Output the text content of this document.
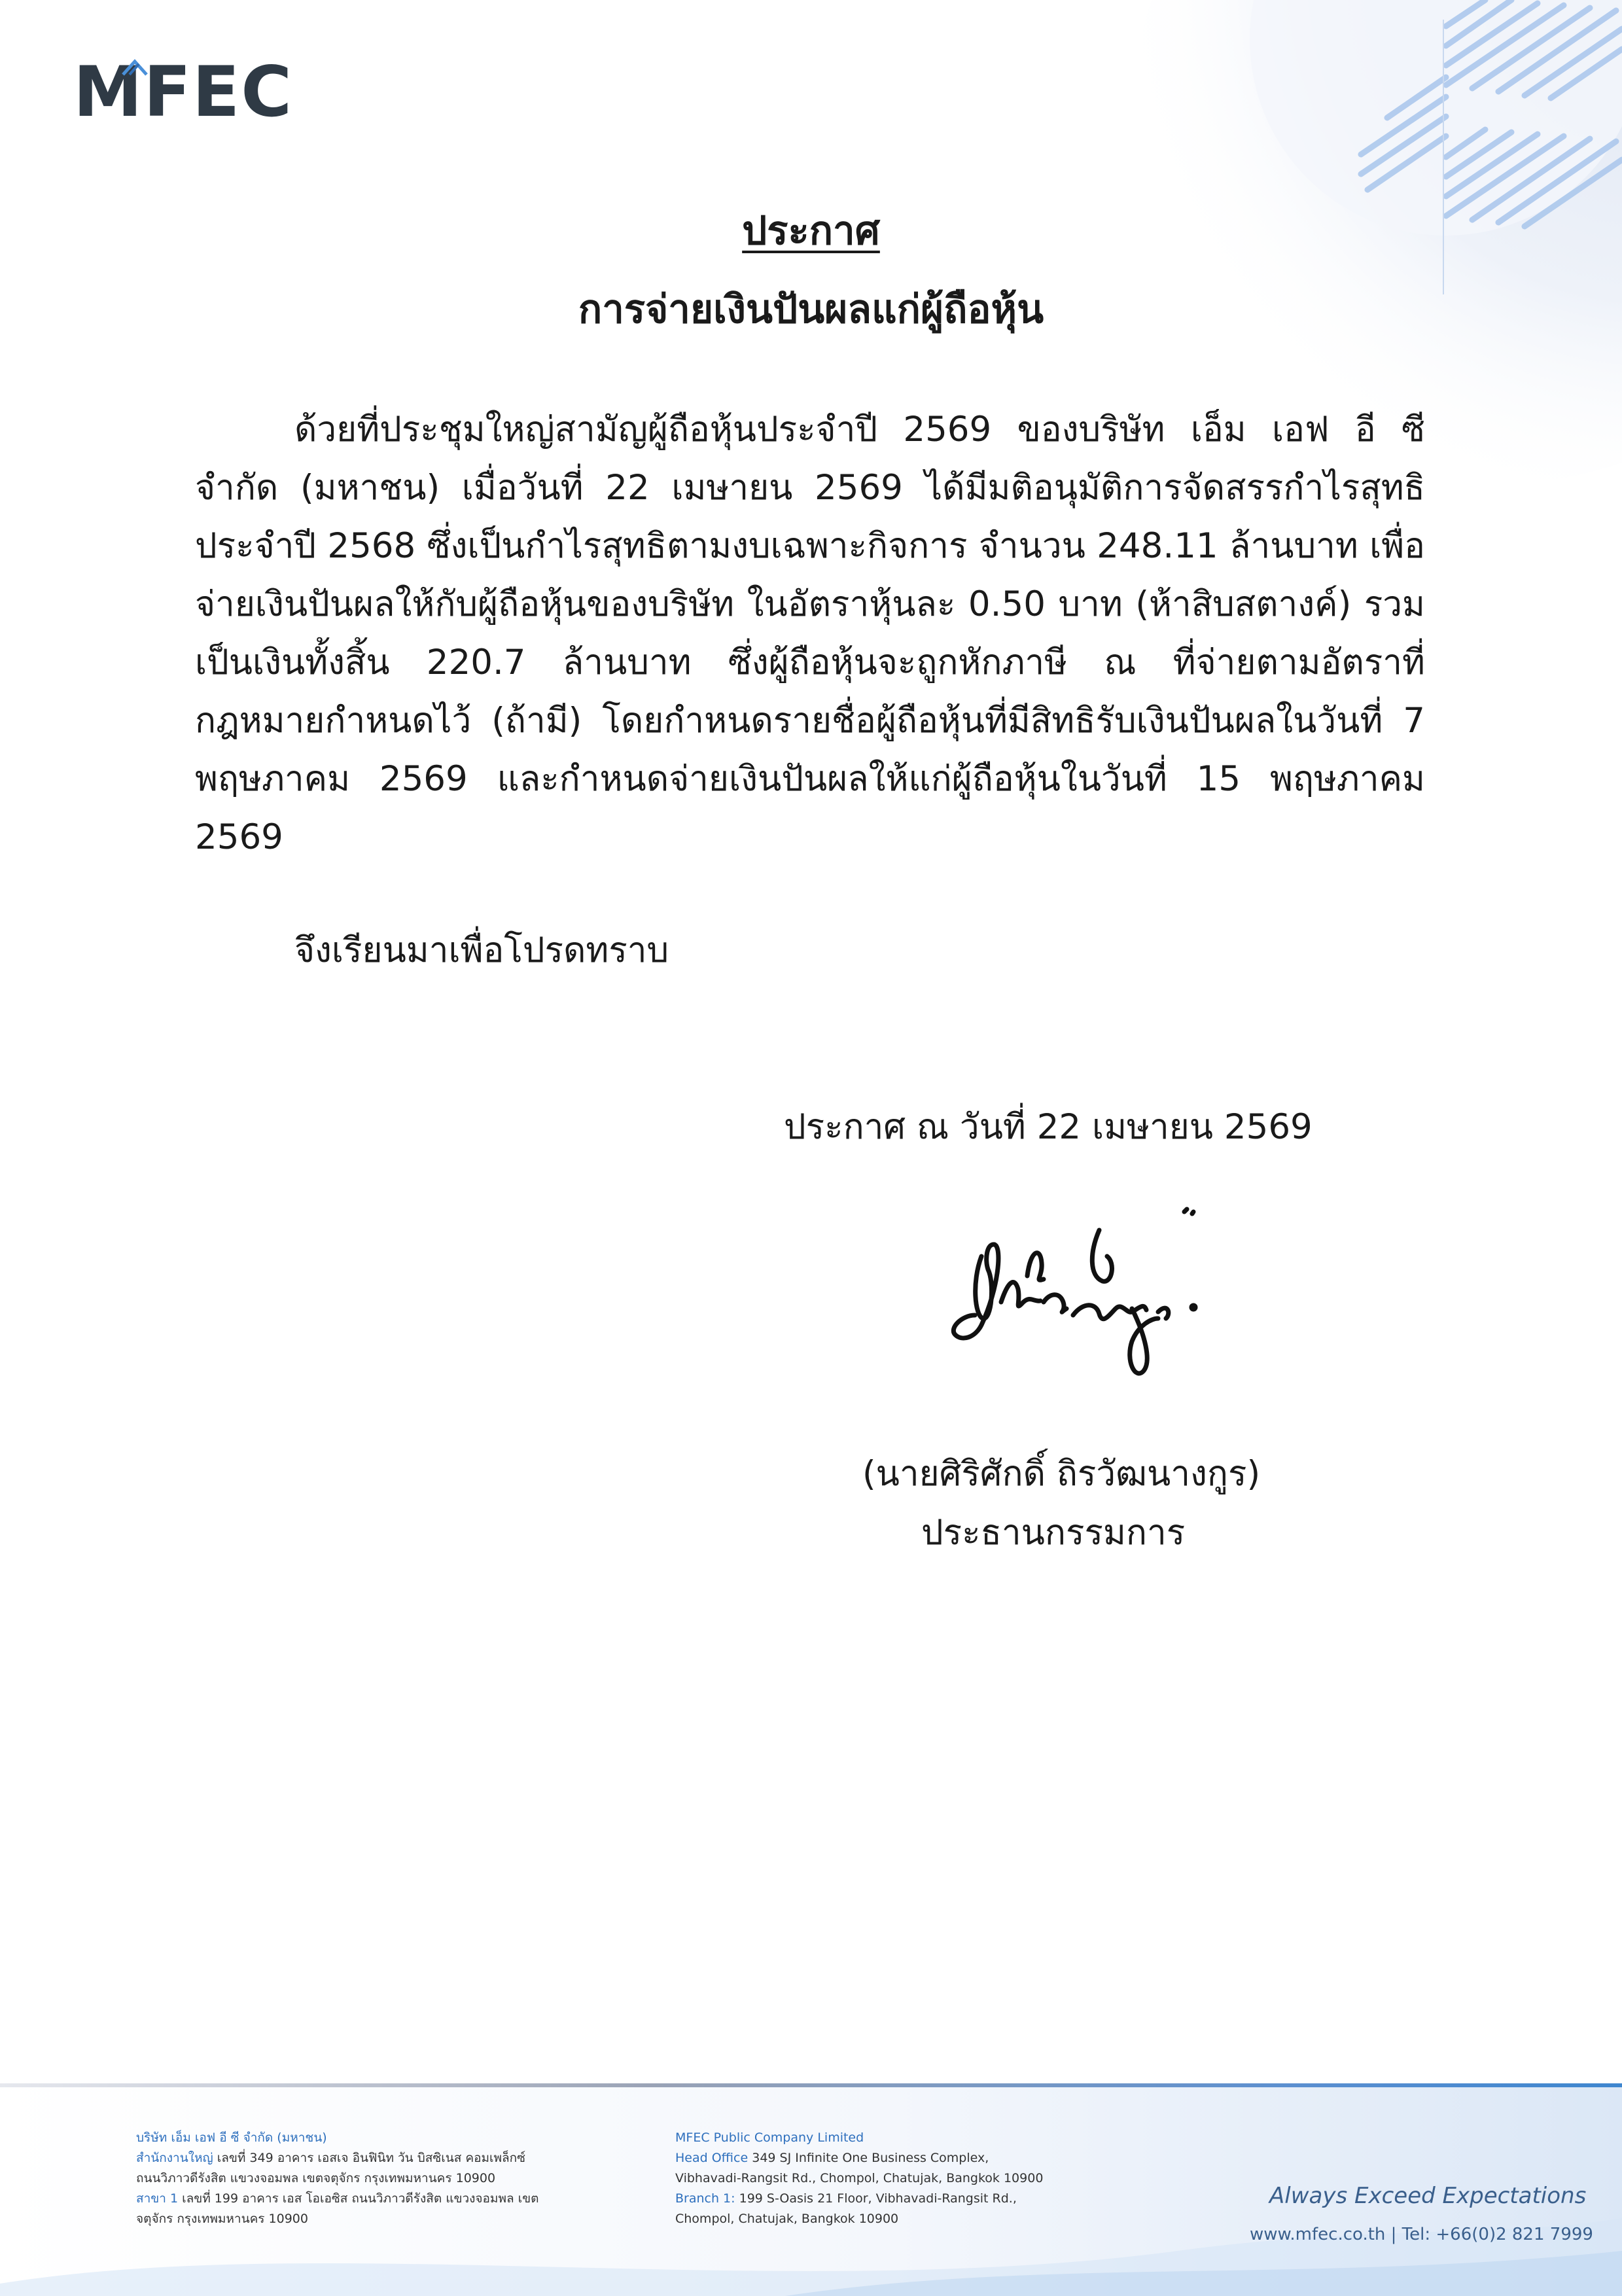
MFEC
ประกาศ
การจ่ายเงินปันผลแก่ผู้ถือหุ้น
ด้วยที่ประชุมใหญ่สามัญผู้ถือหุ้นประจำปี 2569 ของบริษัท เอ็ม เอฟ อี ซี จำกัด (มหาชน) เมื่อวันที่ 22 เมษายน 2569 ได้มีมติอนุมัติการจัดสรรกำไรสุทธิประจำปี 2568 ซึ่งเป็นกำไรสุทธิตามงบเฉพาะกิจการ จำนวน 248.11 ล้านบาท เพื่อจ่ายเงินปันผลให้กับผู้ถือหุ้นของบริษัท ในอัตราหุ้นละ 0.50 บาท (ห้าสิบสตางค์) รวมเป็นเงินทั้งสิ้น 220.7 ล้านบาท ซึ่งผู้ถือหุ้นจะถูกหักภาษี ณ ที่จ่ายตามอัตราที่กฎหมายกำหนดไว้ (ถ้ามี) โดยกำหนดรายชื่อผู้ถือหุ้นที่มีสิทธิรับเงินปันผลในวันที่ 7 พฤษภาคม 2569 และกำหนดจ่ายเงินปันผลให้แก่ผู้ถือหุ้นในวันที่ 15 พฤษภาคม 2569
จึงเรียนมาเพื่อโปรดทราบ
ประกาศ ณ วันที่ 22 เมษายน 2569
(นายศิริศักดิ์ ถิรวัฒนางกูร)
ประธานกรรมการ
บริษัท เอ็ม เอฟ อี ซี จำกัด (มหาชน)
สำนักงานใหญ่ เลขที่ 349 อาคาร เอสเจ อินฟินิท วัน บิสซิเนส คอมเพล็กซ์
ถนนวิภาวดีรังสิต แขวงจอมพล เขตจตุจักร กรุงเทพมหานคร 10900
สาขา 1 เลขที่ 199 อาคาร เอส โอเอซิส ถนนวิภาวดีรังสิต แขวงจอมพล เขต
จตุจักร กรุงเทพมหานคร 10900
MFEC Public Company Limited
Head Office 349 SJ Infinite One Business Complex,
Vibhavadi-Rangsit Rd., Chompol, Chatujak, Bangkok 10900
Branch 1: 199 S-Oasis 21 Floor, Vibhavadi-Rangsit Rd.,
Chompol, Chatujak, Bangkok 10900
Always Exceed Expectations
www.mfec.co.th | Tel: +66(0)2 821 7999
